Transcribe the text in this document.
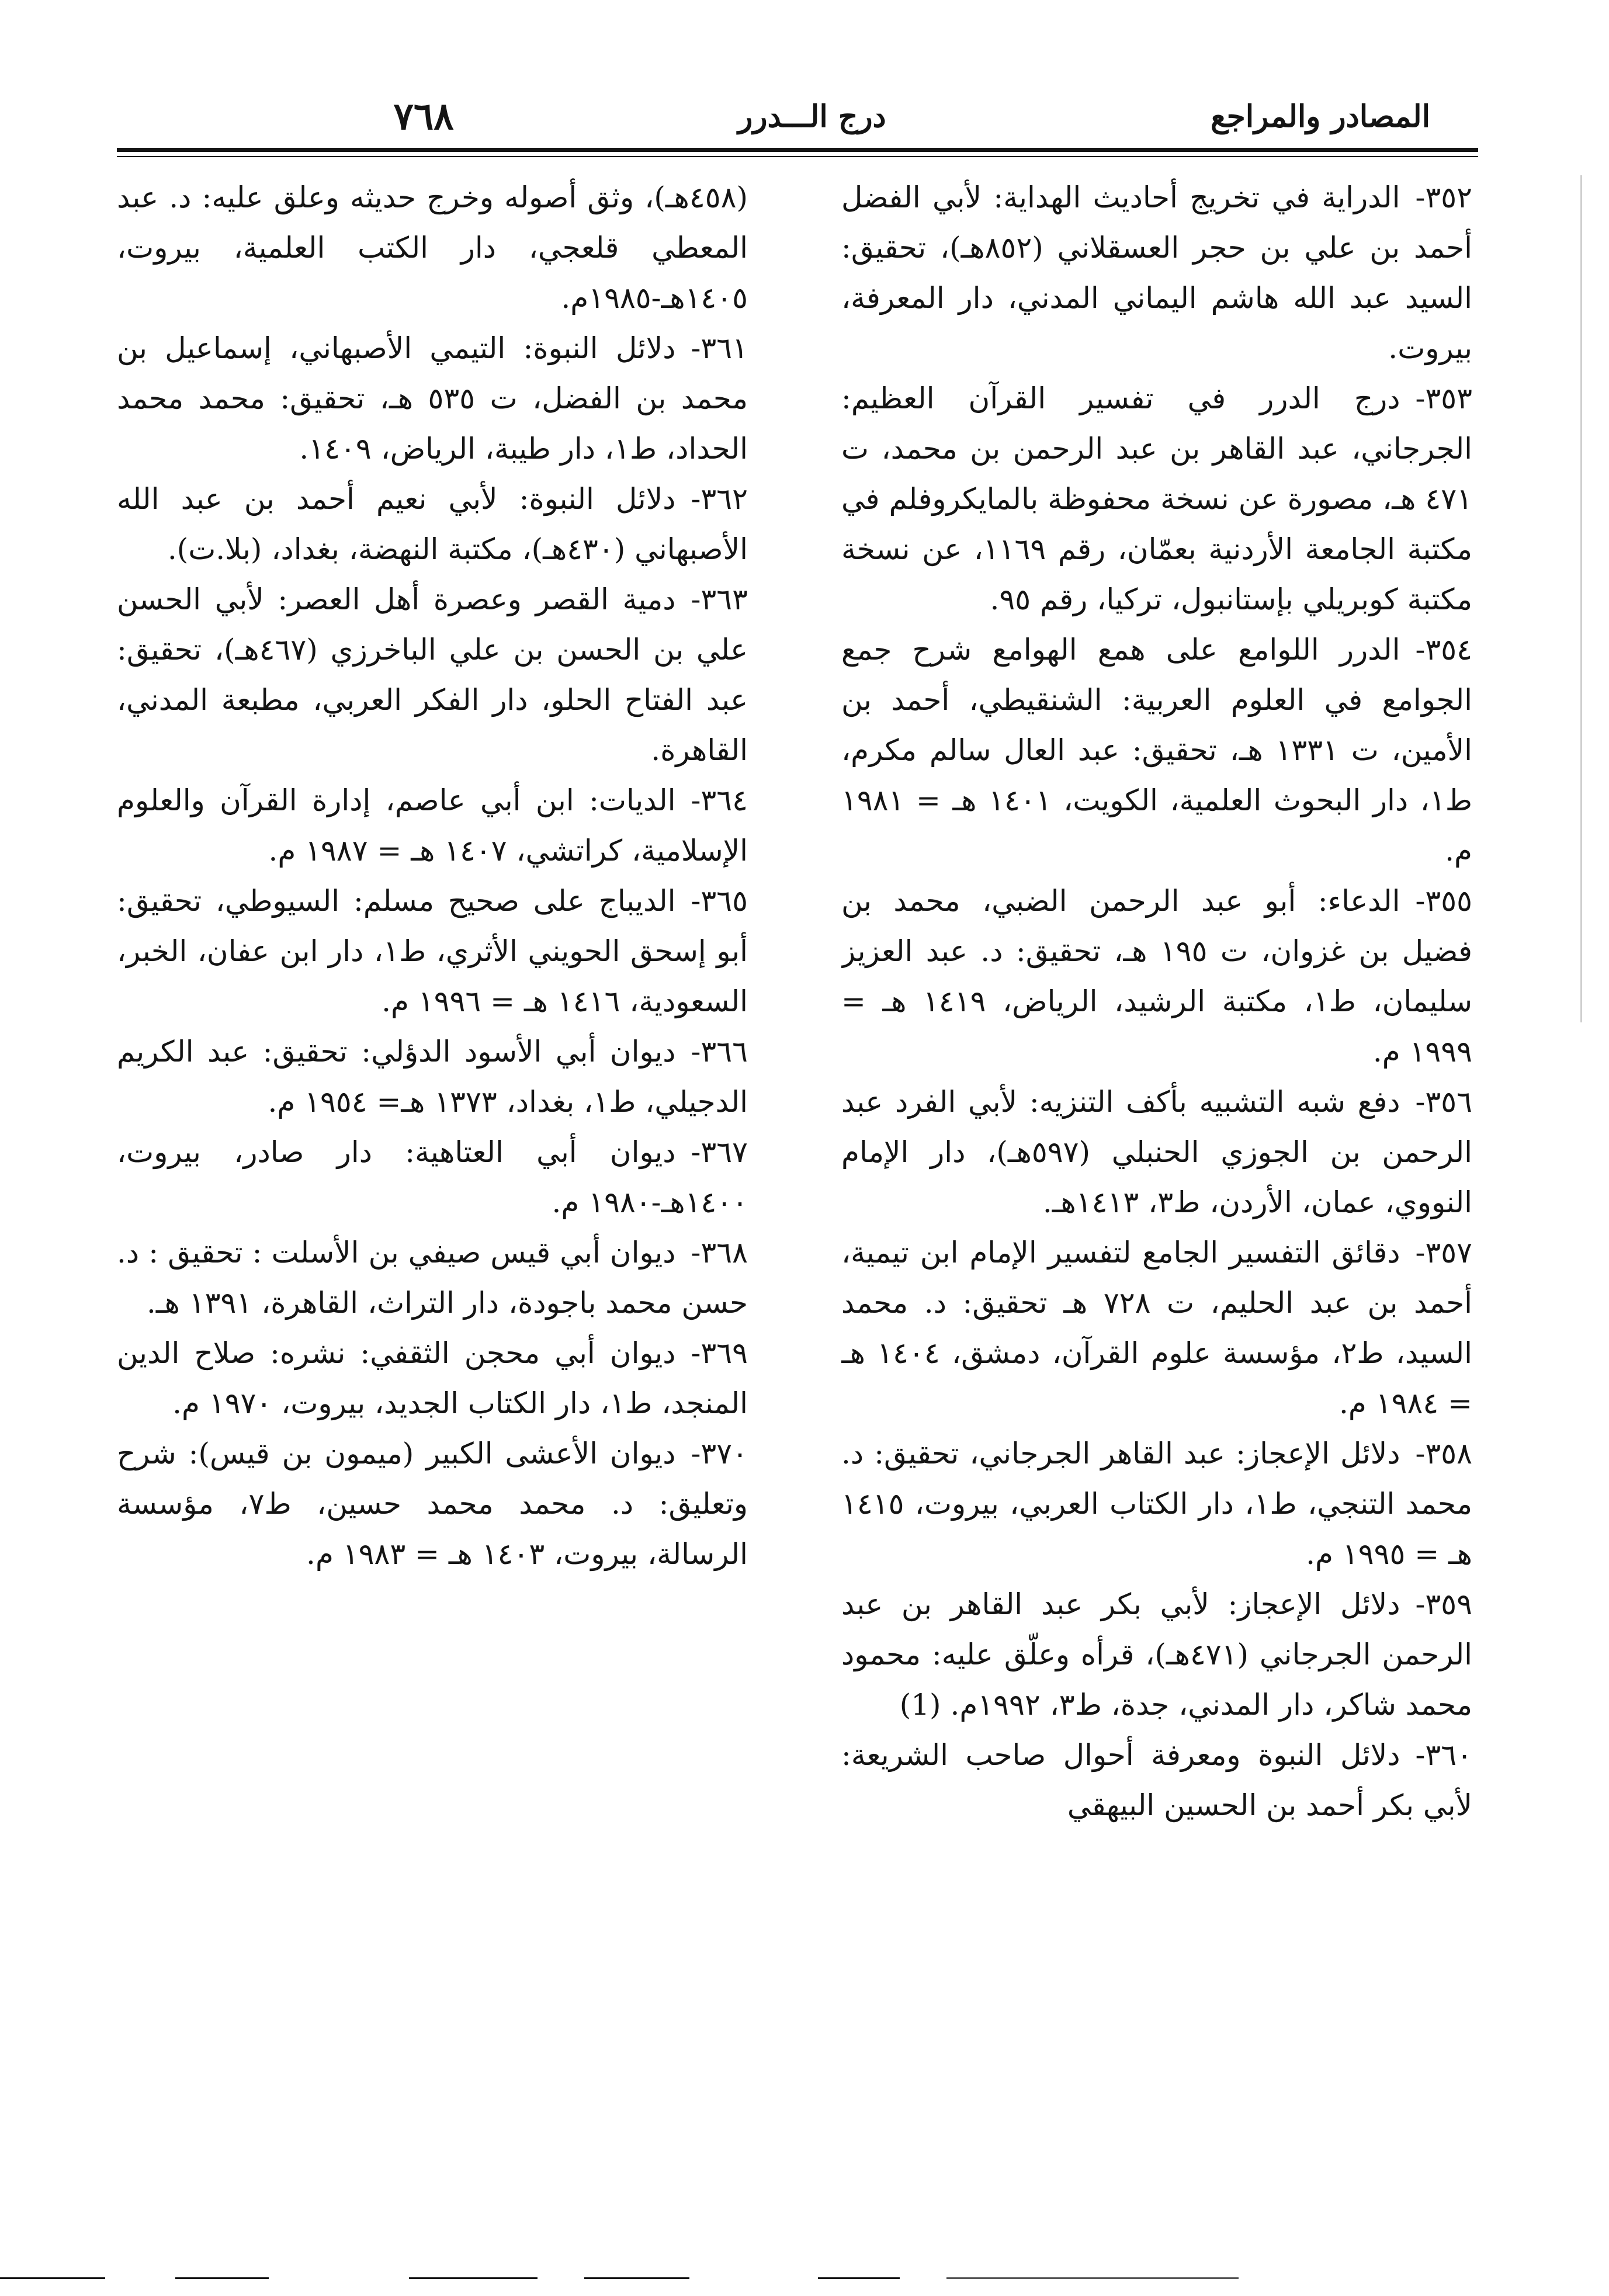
٧٦٨	درج الـــدرر	المصادر والمراجع

٣٥٢-الدراية في تخريج أحاديث الهداية: لأبي الفضل أحمد بن علي بن حجر العسقلاني (٨٥٢هـ)، تحقيق: السيد عبد الله هاشم اليماني المدني، دار المعرفة، بيروت.

٣٥٣-درج الدرر في تفسير القرآن العظيم: الجرجاني، عبد القاهر بن عبد الرحمن بن محمد، ت ٤٧١ هـ، مصورة عن نسخة محفوظة بالمايكروفلم في مكتبة الجامعة الأردنية بعمّان، رقم ١١٦٩، عن نسخة مكتبة كوبريلي بإستانبول، تركيا، رقم ٩٥.

٣٥٤-الدرر اللوامع على همع الهوامع شرح جمع الجوامع في العلوم العربية: الشنقيطي، أحمد بن الأمين، ت ١٣٣١ هـ، تحقيق: عبد العال سالم مكرم، ط١، دار البحوث العلمية، الكويت، ١٤٠١ هـ = ١٩٨١ م.

٣٥٥-الدعاء: أبو عبد الرحمن الضبي، محمد بن فضيل بن غزوان، ت ١٩٥ هـ، تحقيق: د. عبد العزيز سليمان، ط١، مكتبة الرشيد، الرياض، ١٤١٩ هـ = ١٩٩٩ م.

٣٥٦-دفع شبه التشبيه بأكف التنزيه: لأبي الفرد عبد الرحمن بن الجوزي الحنبلي (٥٩٧هـ)، دار الإمام النووي، عمان، الأردن، ط٣، ١٤١٣هـ.

٣٥٧-دقائق التفسير الجامع لتفسير الإمام ابن تيمية، أحمد بن عبد الحليم، ت ٧٢٨ هـ تحقيق: د. محمد السيد، ط٢، مؤسسة علوم القرآن، دمشق، ١٤٠٤ هـ = ١٩٨٤ م.

٣٥٨-دلائل الإعجاز: عبد القاهر الجرجاني، تحقيق: د. محمد التنجي، ط١، دار الكتاب العربي، بيروت، ١٤١٥ هـ = ١٩٩٥ م.

٣٥٩-دلائل الإعجاز: لأبي بكر عبد القاهر بن عبد الرحمن الجرجاني (٤٧١هـ)، قرأه وعلّق عليه: محمود محمد شاكر، دار المدني، جدة، ط٣، ١٩٩٢م. (1)

٣٦٠-دلائل النبوة ومعرفة أحوال صاحب الشريعة: لأبي بكر أحمد بن الحسين البيهقي

(٤٥٨هـ)، وثق أصوله وخرج حديثه وعلق عليه: د. عبد المعطي قلعجي، دار الكتب العلمية، بيروت، ١٤٠٥هـ-١٩٨٥م.

٣٦١-دلائل النبوة: التيمي الأصبهاني، إسماعيل بن محمد بن الفضل، ت ٥٣٥ هـ، تحقيق: محمد محمد الحداد، ط١، دار طيبة، الرياض، ١٤٠٩.

٣٦٢-دلائل النبوة: لأبي نعيم أحمد بن عبد الله الأصبهاني (٤٣٠هـ)، مكتبة النهضة، بغداد، (بلا.ت).

٣٦٣-دمية القصر وعصرة أهل العصر: لأبي الحسن علي بن الحسن بن علي الباخرزي (٤٦٧هـ)، تحقيق: عبد الفتاح الحلو، دار الفكر العربي، مطبعة المدني، القاهرة.

٣٦٤-الديات: ابن أبي عاصم، إدارة القرآن والعلوم الإسلامية، كراتشي، ١٤٠٧ هـ = ١٩٨٧ م.

٣٦٥-الديباج على صحيح مسلم: السيوطي، تحقيق: أبو إسحق الحويني الأثري، ط١، دار ابن عفان، الخبر، السعودية، ١٤١٦ هـ = ١٩٩٦ م.

٣٦٦-ديوان أبي الأسود الدؤلي: تحقيق: عبد الكريم الدجيلي، ط١، بغداد، ١٣٧٣ هـ= ١٩٥٤ م.

٣٦٧-ديوان أبي العتاهية: دار صادر، بيروت، ١٤٠٠هـ-١٩٨٠ م.

٣٦٨-ديوان أبي قيس صيفي بن الأسلت : تحقيق : د. حسن محمد باجودة، دار التراث، القاهرة، ١٣٩١ هـ.

٣٦٩-ديوان أبي محجن الثقفي: نشره: صلاح الدين المنجد، ط١، دار الكتاب الجديد، بيروت، ١٩٧٠ م.

٣٧٠-ديوان الأعشى الكبير (ميمون بن قيس): شرح وتعليق: د. محمد محمد حسين، ط٧، مؤسسة الرسالة، بيروت، ١٤٠٣ هـ = ١٩٨٣ م.
